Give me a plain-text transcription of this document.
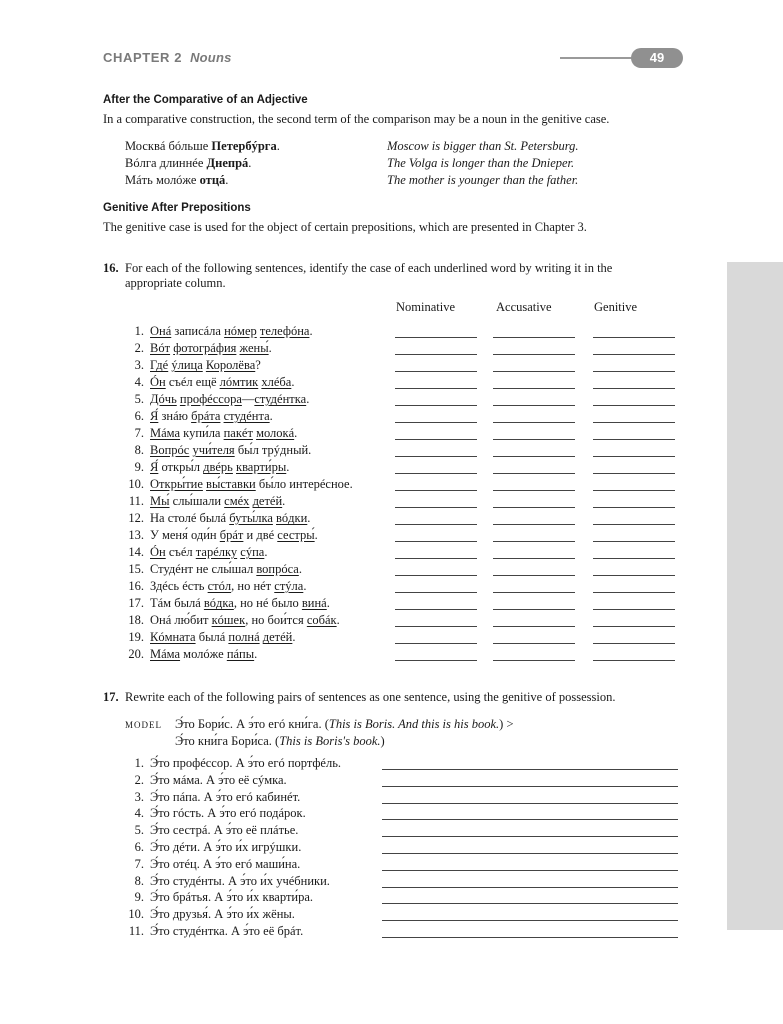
CHAPTER 2 Nouns	49
After the Comparative of an Adjective
In a comparative construction, the second term of the comparison may be a noun in the genitive case.
Москвá бóльше Петербýрга.	Moscow is bigger than St. Petersburg.
Вóлга длиннéе Днепрá.	The Volga is longer than the Dnieper.
Мáть молóже отцá.	The mother is younger than the father.
Genitive After Prepositions
The genitive case is used for the object of certain prepositions, which are presented in Chapter 3.
16. For each of the following sentences, identify the case of each underlined word by writing it in the
appropriate column.
Nominative	Accusative	Genitive
1. Онá записáла нóмер телефóна.
2. Вóт фотогрáфия жены́.
3. Гдé ýлица Королёва?
4. Óн съéл ещё лóмтик хлéба.
5. Дóчь профéссора—студéнтка.
6. Я́ знáю брáта студéнта.
7. Мáма купи́ла пакéт молокá.
8. Вопрóс учи́теля бы́л трýдный.
9. Я́ откры́л двéрь кварти́ры.
10. Откры́тие вы́ставки бы́ло интерéсное.
11. Мы́ слы́шали смéх детéй.
12. На столé былá буты́лка вóдки.
13. У меня́ оди́н брáт и двé сестры́.
14. Óн съéл тарéлку сýпа.
15. Студéнт не слы́шал вопрóса.
16. Здéсь éсть стóл, но нéт стýла.
17. Тáм былá вóдка, но нé было винá.
18. Онá лю́бит кóшек, но бои́тся собáк.
19. Кóмната былá полнá детéй.
20. Мáма молóже пáпы.
17. Rewrite each of the following pairs of sentences as one sentence, using the genitive of possession.
MODEL Э́то Бори́с. А э́то егó кни́га. (This is Boris. And this is his book.) >
Э́то кни́га Бори́са. (This is Boris's book.)
1. Э́то профéссор. А э́то егó портфéль.
2. Э́то мáма. А э́то её сýмка.
3. Э́то пáпа. А э́то егó кабинéт.
4. Э́то гóсть. А э́то егó подáрок.
5. Э́то сестрá. А э́то её плáтье.
6. Э́то дéти. А э́то и́х игрýшки.
7. Э́то отéц. А э́то егó маши́на.
8. Э́то студéнты. А э́то и́х учéбники.
9. Э́то брáтья. А э́то и́х кварти́ра.
10. Э́то друзья́. А э́то и́х жёны.
11. Э́то студéнтка. А э́то её брáт.
